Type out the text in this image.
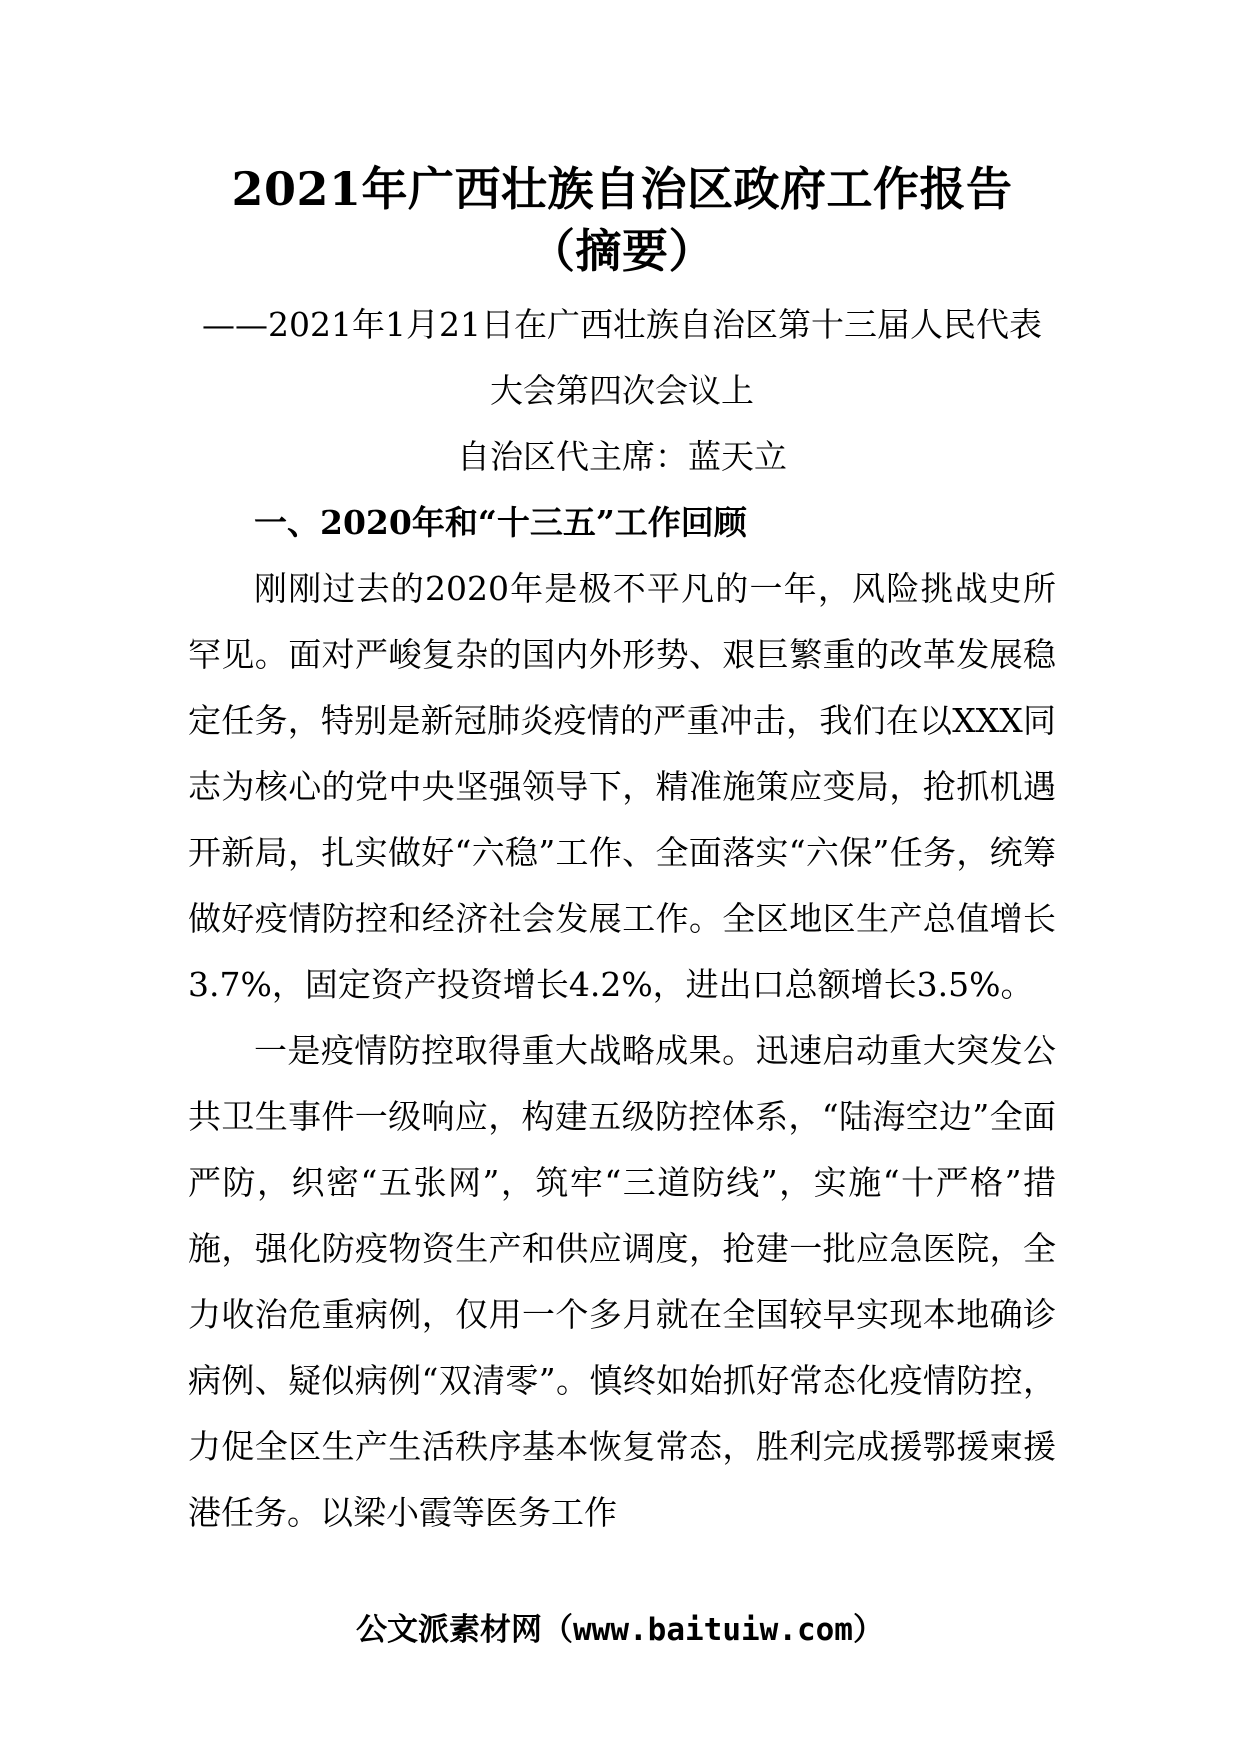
2021年广西壮族自治区政府工作报告（摘要）

——2021年1月21日在广西壮族自治区第十三届人民代表大会第四次会议上

自治区代主席：蓝天立

一、2020年和“十三五”工作回顾

刚刚过去的2020年是极不平凡的一年，风险挑战史所罕见。面对严峻复杂的国内外形势、艰巨繁重的改革发展稳定任务，特别是新冠肺炎疫情的严重冲击，我们在以XXX同志为核心的党中央坚强领导下，精准施策应变局，抢抓机遇开新局，扎实做好“六稳”工作、全面落实“六保”任务，统筹做好疫情防控和经济社会发展工作。全区地区生产总值增长3.7%，固定资产投资增长4.2%，进出口总额增长3.5%。

一是疫情防控取得重大战略成果。迅速启动重大突发公共卫生事件一级响应，构建五级防控体系，“陆海空边”全面严防，织密“五张网”，筑牢“三道防线”，实施“十严格”措施，强化防疫物资生产和供应调度，抢建一批应急医院，全力收治危重病例，仅用一个多月就在全国较早实现本地确诊病例、疑似病例“双清零”。慎终如始抓好常态化疫情防控，力促全区生产生活秩序基本恢复常态，胜利完成援鄂援柬援港任务。以梁小霞等医务工作

公文派素材网（www.baituiw.com）
